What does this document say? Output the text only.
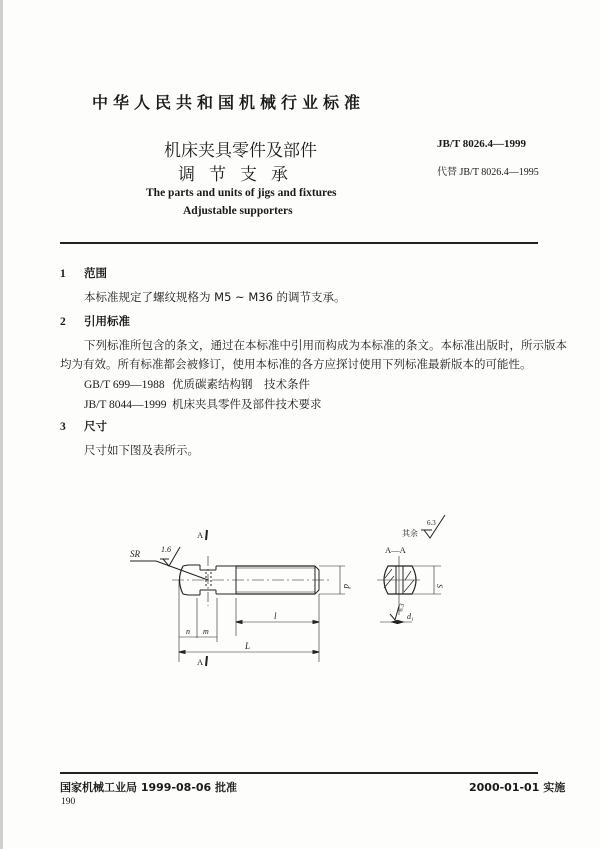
中华人民共和国机械行业标准
机床夹具零件及部件
调节支承
The parts and units of jigs and fixtures
Adjustable supporters
JB/T 8026.4—1999
代替 JB/T 8026.4—1995
1 范围
本标准规定了螺纹规格为 M5 ~ M36 的调节支承。
2 引用标准
下列标准所包含的条文，通过在本标准中引用而构成为本标准的条文。本标准出版时，所示版本
均为有效。所有标准都会被修订，使用本标准的各方应探讨使用下列标准最新版本的可能性。
GB/T 699—1988 优质碳素结构钢　技术条件
JB/T 8044—1999 机床夹具零件及部件技术要求
3 尺寸
尺寸如下图及表所示。
SR	1.6
d
l
n m
L
S
d₁
A
A
A—A
其余
6.3
6.3
国家机械工业局 1999-08-06 批准	2000-01-01 实施
190
